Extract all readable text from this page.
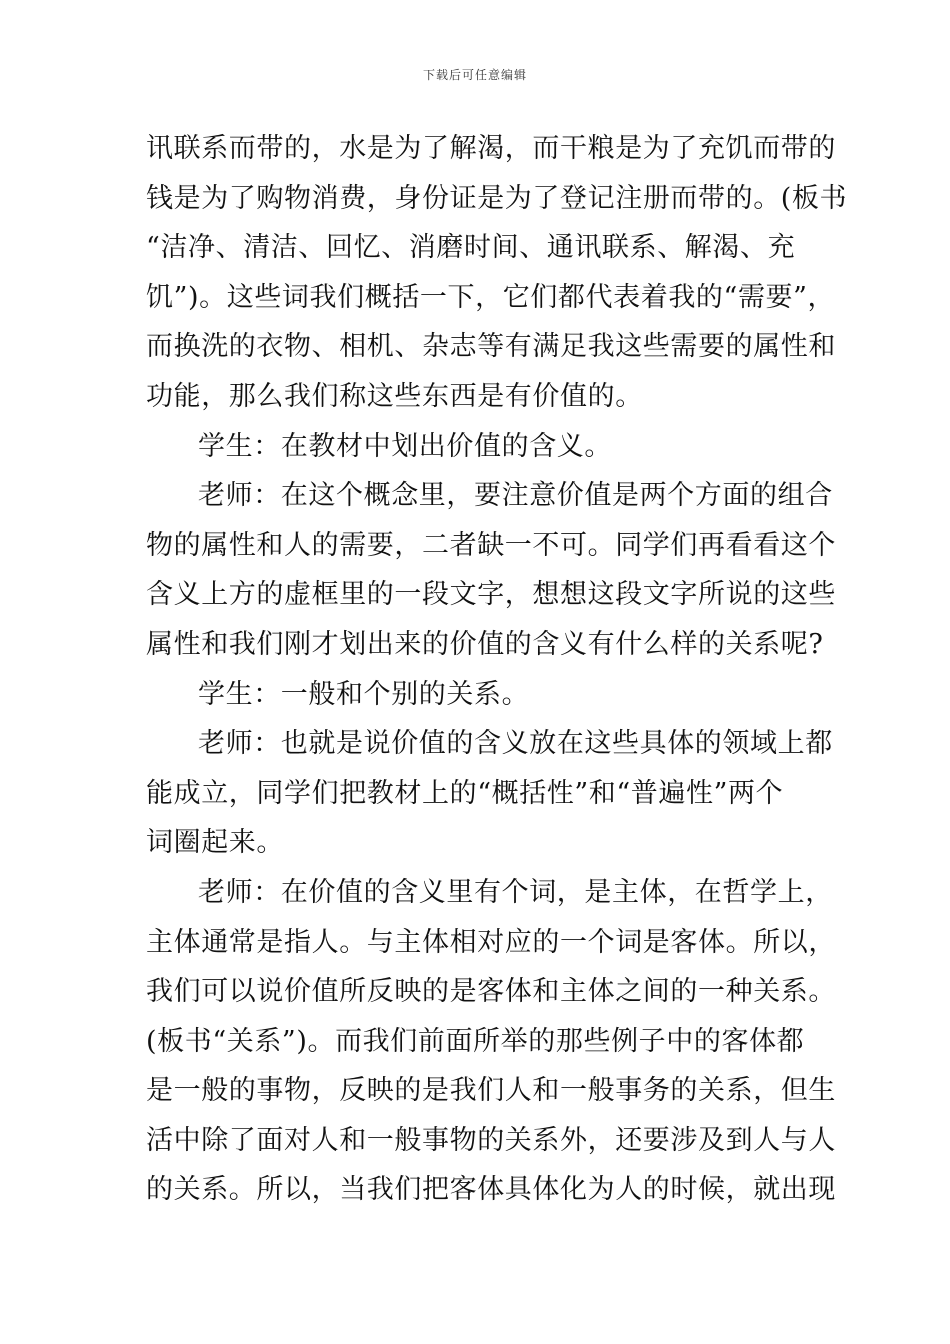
下载后可任意编辑
讯联系而带的，水是为了解渴，而干粮是为了充饥而带的
钱是为了购物消费，身份证是为了登记注册而带的。(板书
“洁净、清洁、回忆、消磨时间、通讯联系、解渴、充
饥”)。这些词我们概括一下，它们都代表着我的“需要”，
而换洗的衣物、相机、杂志等有满足我这些需要的属性和
功能，那么我们称这些东西是有价值的。
学生：在教材中划出价值的含义。
老师：在这个概念里，要注意价值是两个方面的组合
物的属性和人的需要，二者缺一不可。同学们再看看这个
含义上方的虚框里的一段文字，想想这段文字所说的这些
属性和我们刚才划出来的价值的含义有什么样的关系呢?
学生：一般和个别的关系。
老师：也就是说价值的含义放在这些具体的领域上都
能成立，同学们把教材上的“概括性”和“普遍性”两个
词圈起来。
老师：在价值的含义里有个词，是主体，在哲学上，
主体通常是指人。与主体相对应的一个词是客体。所以，
我们可以说价值所反映的是客体和主体之间的一种关系。
(板书“关系”)。而我们前面所举的那些例子中的客体都
是一般的事物，反映的是我们人和一般事务的关系，但生
活中除了面对人和一般事物的关系外，还要涉及到人与人
的关系。所以，当我们把客体具体化为人的时候，就出现
